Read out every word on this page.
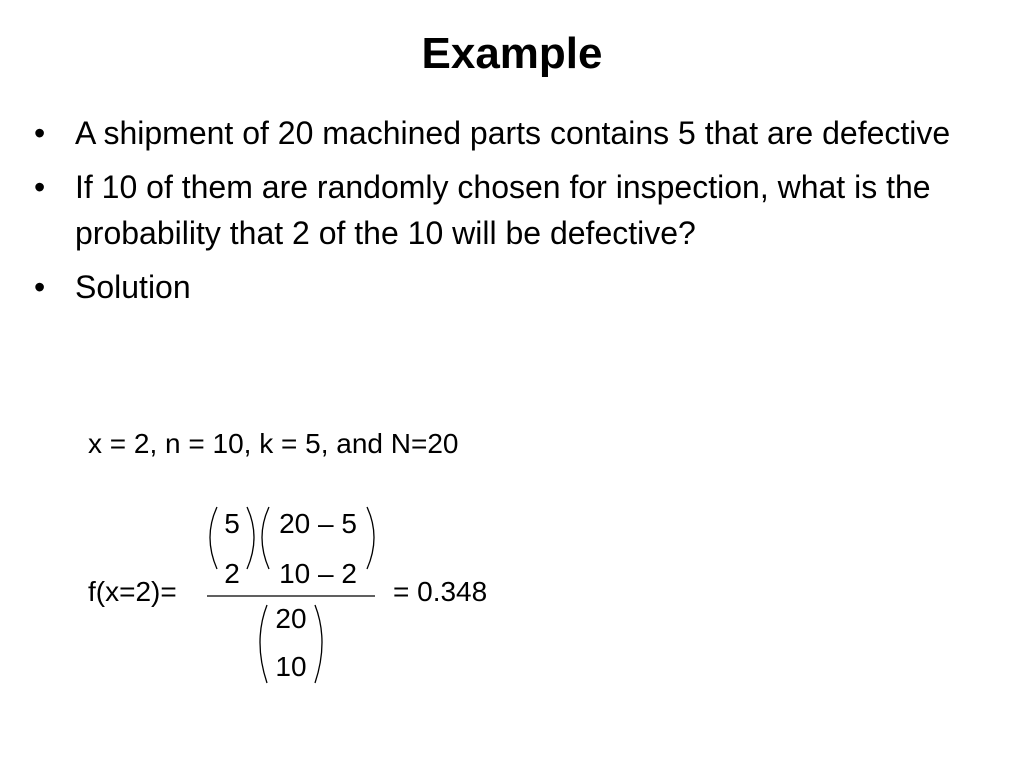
Example
• A shipment of 20 machined parts contains 5 that are defective
• If 10 of them are randomly chosen for inspection, what is the probability that 2 of the 10 will be defective?
• Solution
x = 2, n = 10, k = 5, and N=20
f(x=2)=
5
2
20 – 5
10 – 2
20
10
= 0.348
